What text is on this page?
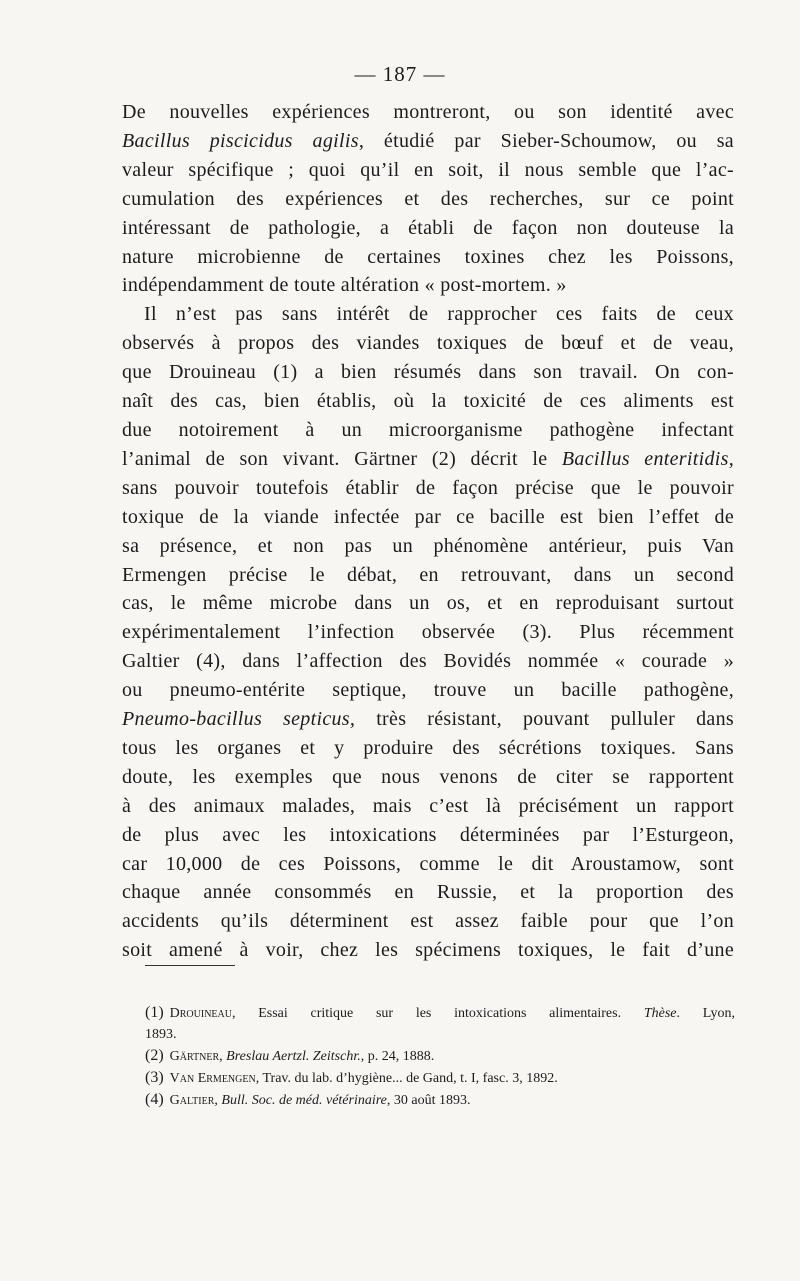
— 187 —
De nouvelles expériences montreront, ou son identité avec
Bacillus piscicidus agilis, étudié par Sieber-Schoumow, ou sa
valeur spécifique ; quoi qu’il en soit, il nous semble que l’ac-
cumulation des expériences et des recherches, sur ce point
intéressant de pathologie, a établi de façon non douteuse la
nature microbienne de certaines toxines chez les Poissons,
indépendamment de toute altération « post-mortem. »
Il n’est pas sans intérêt de rapprocher ces faits de ceux
observés à propos des viandes toxiques de bœuf et de veau,
que Drouineau (1) a bien résumés dans son travail. On con-
naît des cas, bien établis, où la toxicité de ces aliments est
due notoirement à un microorganisme pathogène infectant
l’animal de son vivant. Gärtner (2) décrit le Bacillus enteritidis,
sans pouvoir toutefois établir de façon précise que le pouvoir
toxique de la viande infectée par ce bacille est bien l’effet de
sa présence, et non pas un phénomène antérieur, puis Van
Ermengen précise le débat, en retrouvant, dans un second
cas, le même microbe dans un os, et en reproduisant surtout
expérimentalement l’infection observée (3). Plus récemment
Galtier (4), dans l’affection des Bovidés nommée « courade »
ou pneumo-entérite septique, trouve un bacille pathogène,
Pneumo-bacillus septicus, très résistant, pouvant pulluler dans
tous les organes et y produire des sécrétions toxiques. Sans
doute, les exemples que nous venons de citer se rapportent
à des animaux malades, mais c’est là précisément un rapport
de plus avec les intoxications déterminées par l’Esturgeon,
car 10,000 de ces Poissons, comme le dit Aroustamow, sont
chaque année consommés en Russie, et la proportion des
accidents qu’ils déterminent est assez faible pour que l’on
soit amené à voir, chez les spécimens toxiques, le fait d’une
(1) Drouineau, Essai critique sur les intoxications alimentaires. Thèse. Lyon,
1893.
(2) Gärtner, Breslau Aertzl. Zeitschr., p. 24, 1888.
(3) Van Ermengen, Trav. du lab. d’hygiène... de Gand, t. I, fasc. 3, 1892.
(4) Galtier, Bull. Soc. de méd. vétérinaire, 30 août 1893.
